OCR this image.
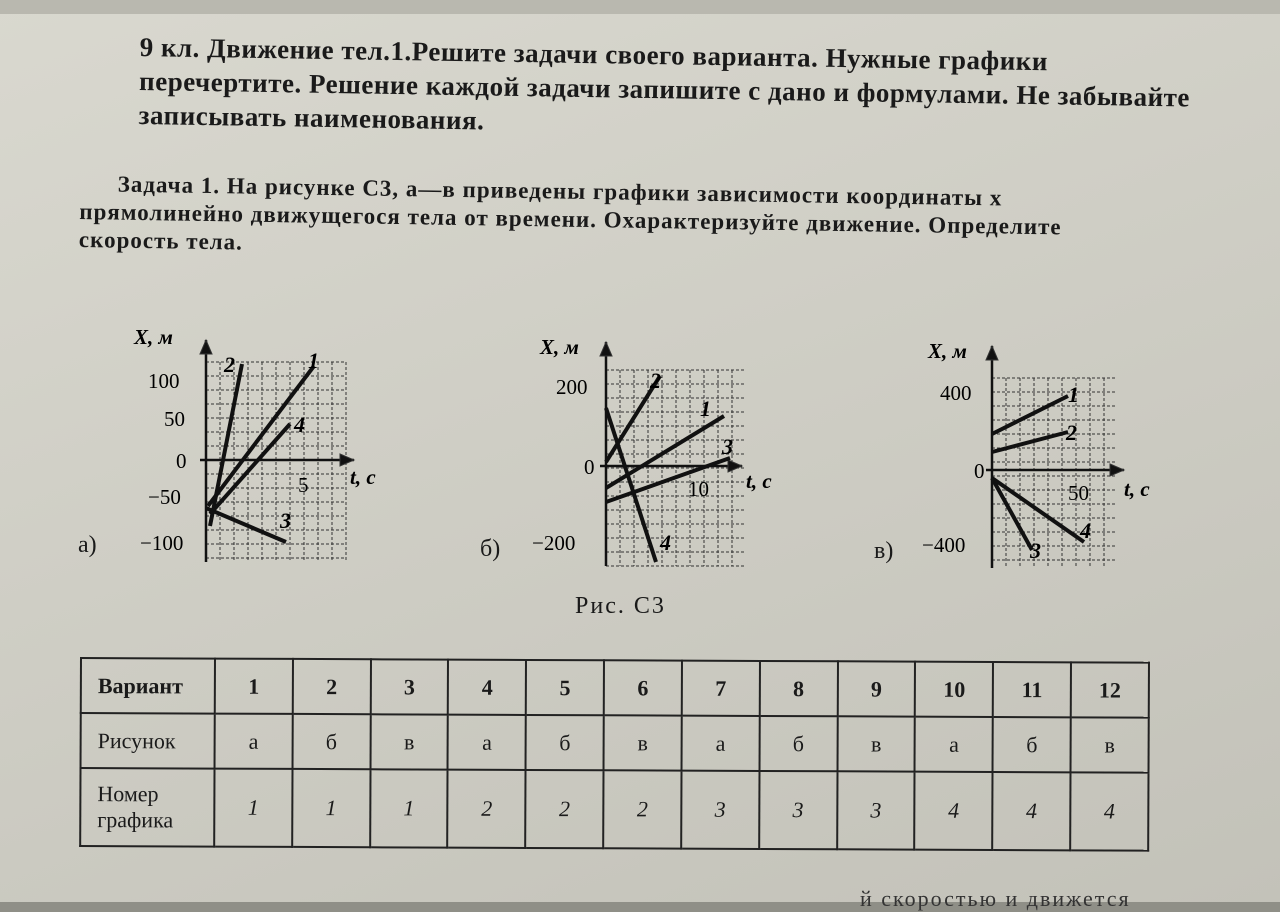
9 кл. Движение тел.1.Решите задачи своего варианта. Нужные графики перечертите. Решение каждой задачи запишите с дано и формулами. Не забывайте записывать наименования.
Задача 1. На рисунке С3, а—в приведены графики зависимости координаты x прямолинейно движущегося тела от времени. Охарактеризуйте движение. Определите скорость тела.
X, м
t, c
100
50
0
−50
−100
5
1
2
3
4
а)
X, м
t, c
200
0
−200
10
1
2
3
4
б)
X, м
t, c
400
0
−400
50
1
2
3
4
в)
Рис. С3
Вариант	1	2	3	4	5	6	7	8	9	10	11	12
Рисунок	а	б	в	а	б	в	а	б	в	а	б	в
Номер графика	1	1	1	2	2	2	3	3	3	4	4	4
й скоростью и движется
